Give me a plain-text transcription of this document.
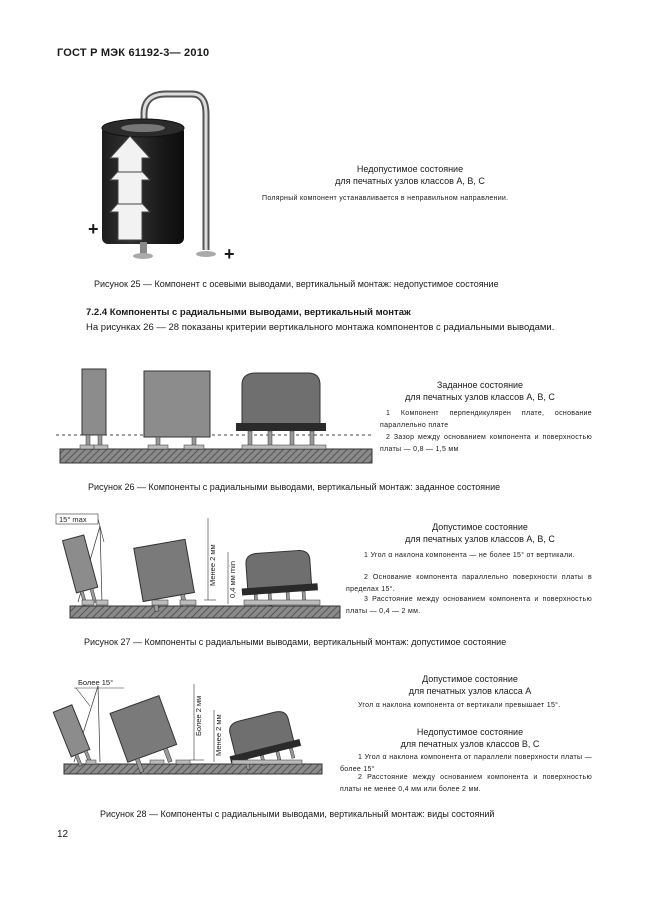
ГОСТ Р МЭК 61192-3— 2010
+
+
Недопустимое состояние
для печатных узлов классов А, В, С
Полярный компонент устанавливается в неправильном направлении.
Рисунок 25 — Компонент с осевыми выводами, вертикальный монтаж: недопустимое состояние
7.2.4 Компоненты с радиальными выводами, вертикальный монтаж
На рисунках 26 — 28 показаны критерии вертикального монтажа компонентов с радиальными выводами.
Заданное состояние
для печатных узлов классов А, В, С
1 Компонент перпендикулярен плате, основание параллельно плате
2 Зазор между основанием компонента и поверхностью платы — 0,8 — 1,5 мм
Рисунок 26 — Компоненты с радиальными выводами, вертикальный монтаж: заданное состояние
15° max
Менее 2 мм 0,4 мм min
Допустимое состояние
для печатных узлов классов А, В, С
1 Угол α наклона компонента — не более 15° от вертикали.
2 Основание компонента параллельно поверхности платы в пределах 15°.
3 Расстояние между основанием компонента и поверхностью платы — 0,4 — 2 мм.
Рисунок 27 — Компоненты с радиальными выводами, вертикальный монтаж: допустимое состояние
Более 15°
Более 2 мм Менее 2 мм
Допустимое состояние
для печатных узлов класса А
Угол α наклона компонента от вертикали превышает 15°.
Недопустимое состояние
для печатных узлов классов В, С
1 Угол α наклона компонента от параллели поверхности платы — более 15°
2 Расстояние между основанием компонента и поверхностью платы не менее 0,4 мм или более 2 мм.
Рисунок 28 — Компоненты с радиальными выводами, вертикальный монтаж: виды состояний
12
